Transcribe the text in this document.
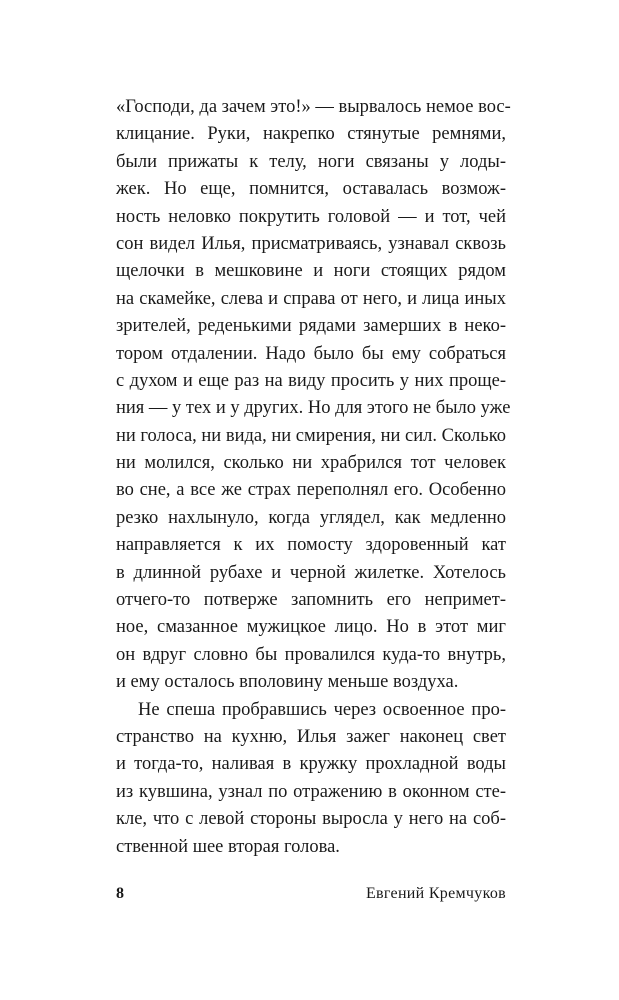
«Господи, да зачем это!» — вырвалось немое вос-
клицание. Руки, накрепко стянутые ремнями,
были прижаты к телу, ноги связаны у лоды-
жек. Но еще, помнится, оставалась возмож-
ность неловко покрутить головой — и тот, чей
сон видел Илья, присматриваясь, узнавал сквозь
щелочки в мешковине и ноги стоящих рядом
на скамейке, слева и справа от него, и лица иных
зрителей, реденькими рядами замерших в неко-
тором отдалении. Надо было бы ему собраться
с духом и еще раз на виду просить у них проще-
ния — у тех и у других. Но для этого не было уже
ни голоса, ни вида, ни смирения, ни сил. Сколько
ни молился, сколько ни храбрился тот человек
во сне, а все же страх переполнял его. Особенно
резко нахлынуло, когда углядел, как медленно
направляется к их помосту здоровенный кат
в длинной рубахе и черной жилетке. Хотелось
отчего-то потверже запомнить его непримет-
ное, смазанное мужицкое лицо. Но в этот миг
он вдруг словно бы провалился куда-то внутрь,
и ему осталось вполовину меньше воздуха.
Не спеша пробравшись через освоенное про-
странство на кухню, Илья зажег наконец свет
и тогда-то, наливая в кружку прохладной воды
из кувшина, узнал по отражению в оконном сте-
кле, что с левой стороны выросла у него на соб-
ственной шее вторая голова.
8	Евгений Кремчуков
